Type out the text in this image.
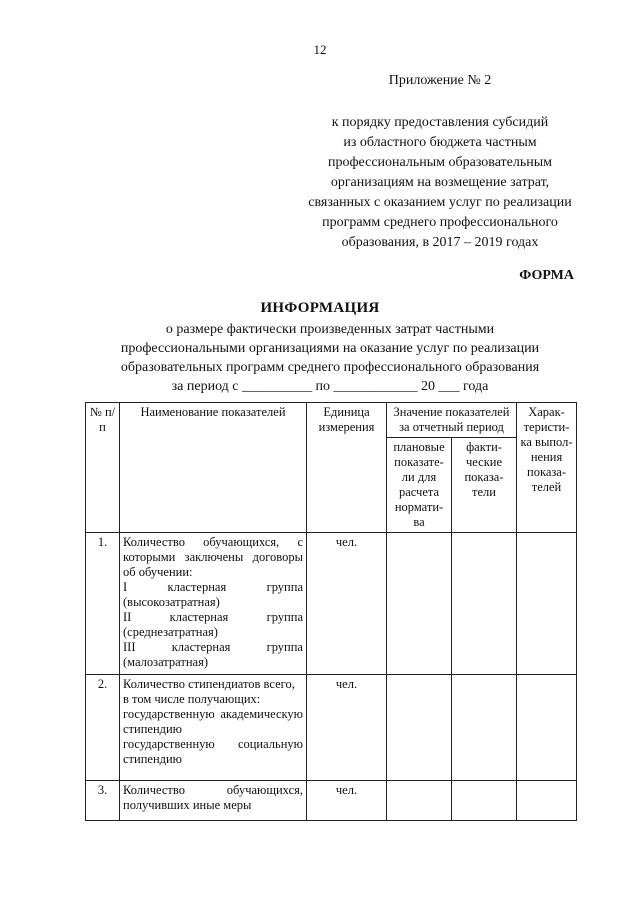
12
Приложение № 2
к порядку предоставления субсидий
из областного бюджета частным
профессиональным образовательным
организациям на возмещение затрат,
связанных с оказанием услуг по реализации
программ среднего профессионального
образования, в 2017 – 2019 годах
ФОРМА
ИНФОРМАЦИЯ
о размере фактически произведенных затрат частными
профессиональными организациями на оказание услуг по реализации
образовательных программ среднего профессионального образования
за период с __________ по ____________ 20 ___ года
№ п/п	Наименование показателей	Единица измерения	Значение показателей за отчетный период		Харак-теристи-ка выпол-нения показа-телей
			плановые показате-ли для расчета нормати-ва	факти-ческие показа-тели	
1.	Количество обучающихся, с которыми заключены договоры об обучении:
I кластерная группа (высокозатратная)
II кластерная группа (среднезатратная)
III кластерная группа (малозатратная)	чел.			
2.	Количество стипендиатов всего,
в том числе получающих:
государственную академическую стипендию
государственную социальную стипендию	чел.			
3.	Количество обучающихся, получивших иные меры	чел.			
